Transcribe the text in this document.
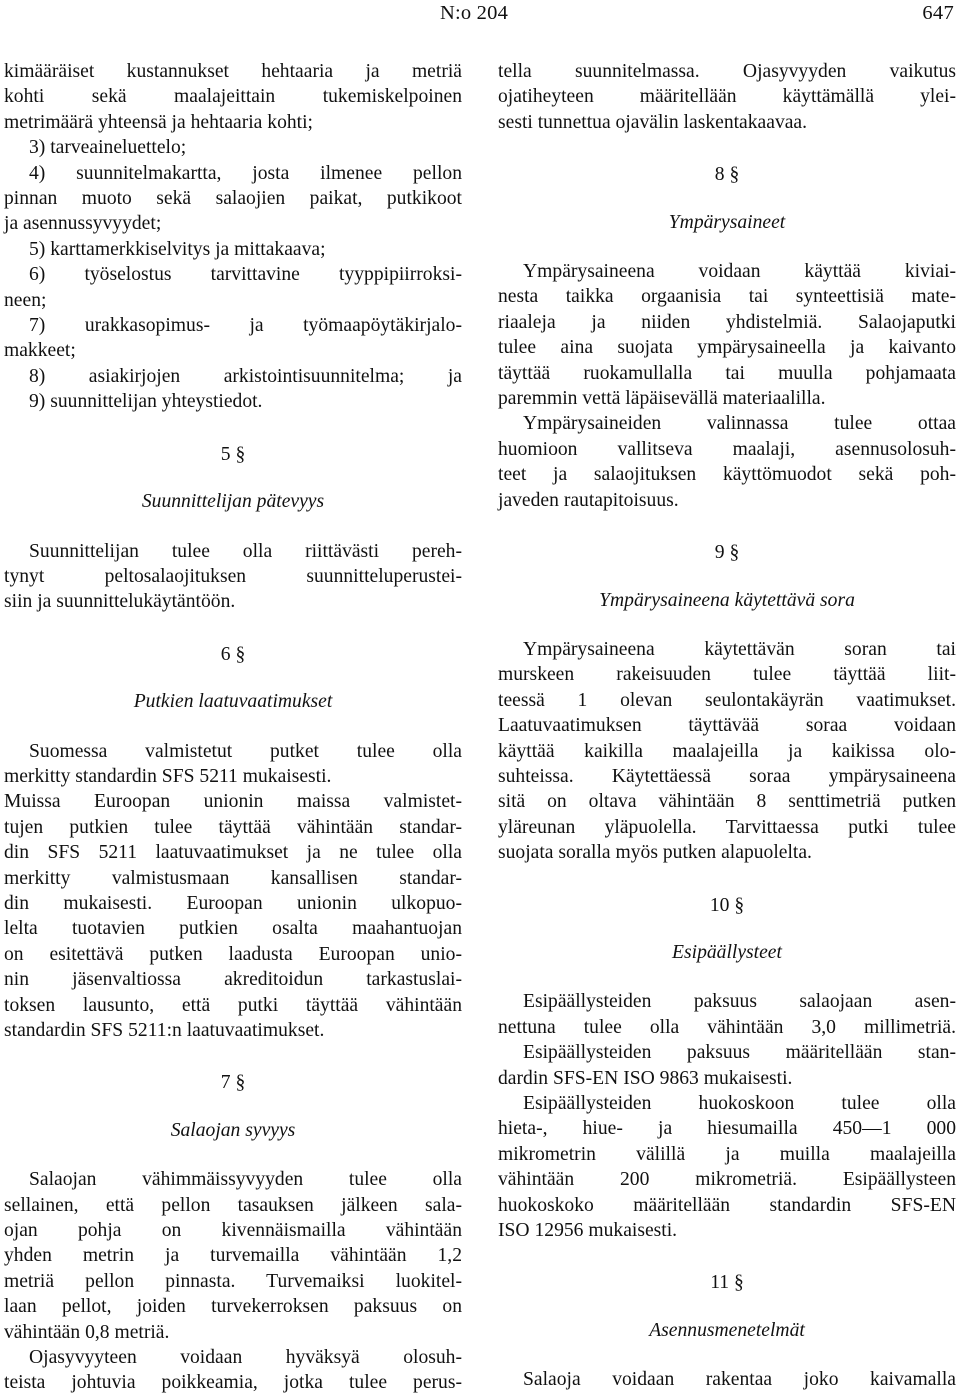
N:o 204	647
kimääräiset kustannukset hehtaaria ja metriä
kohti sekä maalajeittain tukemiskelpoinen
metrimäärä yhteensä ja hehtaaria kohti;
3) tarveaineluettelo;
4) suunnitelmakartta, josta ilmenee pellon
pinnan muoto sekä salaojien paikat, putkikoot
ja asennussyvyydet;
5) karttamerkkiselvitys ja mittakaava;
6) työselostus tarvittavine tyyppipiirroksi-
neen;
7) urakkasopimus- ja työmaapöytäkirjalo-
makkeet;
8) asiakirjojen arkistointisuunnitelma; ja
9) suunnittelijan yhteystiedot.
5 §
Suunnittelijan pätevyys
Suunnittelijan tulee olla riittävästi pereh-
tynyt peltosalaojituksen suunnitteluperustei-
siin ja suunnittelukäytäntöön.
6 §
Putkien laatuvaatimukset
Suomessa valmistetut putket tulee olla
merkitty standardin SFS 5211 mukaisesti.
Muissa Euroopan unionin maissa valmistet-
tujen putkien tulee täyttää vähintään standar-
din SFS 5211 laatuvaatimukset ja ne tulee olla
merkitty valmistusmaan kansallisen standar-
din mukaisesti. Euroopan unionin ulkopuo-
lelta tuotavien putkien osalta maahantuojan
on esitettävä putken laadusta Euroopan unio-
nin jäsenvaltiossa akreditoidun tarkastuslai-
toksen lausunto, että putki täyttää vähintään
standardin SFS 5211:n laatuvaatimukset.
7 §
Salaojan syvyys
Salaojan vähimmäissyvyyden tulee olla
sellainen, että pellon tasauksen jälkeen sala-
ojan pohja on kivennäismailla vähintään
yhden metrin ja turvemailla vähintään 1,2
metriä pellon pinnasta. Turvemaiksi luokitel-
laan pellot, joiden turvekerroksen paksuus on
vähintään 0,8 metriä.
Ojasyvyyteen voidaan hyväksyä olosuh-
teista johtuvia poikkeamia, jotka tulee perus-
tella suunnitelmassa. Ojasyvyyden vaikutus
ojatiheyteen määritellään käyttämällä ylei-
sesti tunnettua ojavälin laskentakaavaa.
8 §
Ympärysaineet
Ympärysaineena voidaan käyttää kiviai-
nesta taikka orgaanisia tai synteettisiä mate-
riaaleja ja niiden yhdistelmiä. Salaojaputki
tulee aina suojata ympärysaineella ja kaivanto
täyttää ruokamullalla tai muulla pohjamaata
paremmin vettä läpäisevällä materiaalilla.
Ympärysaineiden valinnassa tulee ottaa
huomioon vallitseva maalaji, asennusolosuh-
teet ja salaojituksen käyttömuodot sekä poh-
javeden rautapitoisuus.
9 §
Ympärysaineena käytettävä sora
Ympärysaineena käytettävän soran tai
murskeen rakeisuuden tulee täyttää liit-
teessä 1 olevan seulontakäyrän vaatimukset.
Laatuvaatimuksen täyttävää soraa voidaan
käyttää kaikilla maalajeilla ja kaikissa olo-
suhteissa. Käytettäessä soraa ympärysaineena
sitä on oltava vähintään 8 senttimetriä putken
yläreunan yläpuolella. Tarvittaessa putki tulee
suojata soralla myös putken alapuolelta.
10 §
Esipäällysteet
Esipäällysteiden paksuus salaojaan asen-
nettuna tulee olla vähintään 3,0 millimetriä.
Esipäällysteiden paksuus määritellään stan-
dardin SFS-EN ISO 9863 mukaisesti.
Esipäällysteiden huokoskoon tulee olla
hieta-, hiue- ja hiesumailla 450—1 000
mikrometrin välillä ja muilla maalajeilla
vähintään 200 mikrometriä. Esipäällysteen
huokoskoko määritellään standardin SFS-EN
ISO 12956 mukaisesti.
11 §
Asennusmenetelmät
Salaoja voidaan rakentaa joko kaivamalla
